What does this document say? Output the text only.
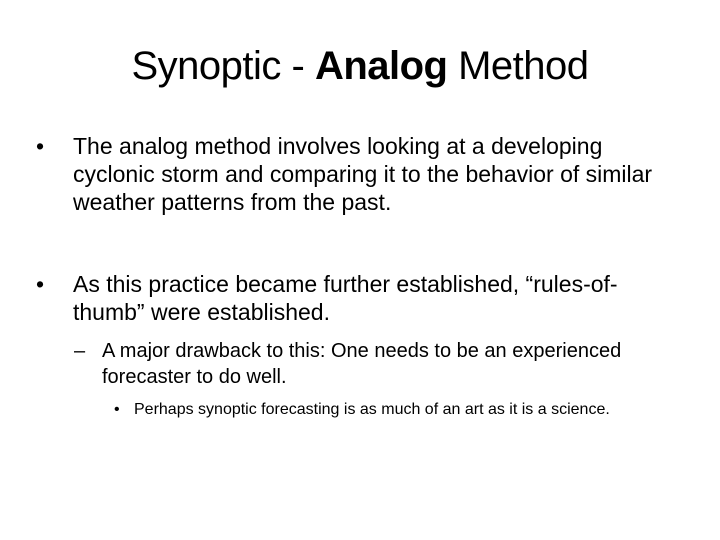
Synoptic - Analog Method
• The analog method involves looking at a developing cyclonic storm and comparing it to the behavior of similar weather patterns from the past.
• As this practice became further established, “rules-of-thumb” were established.
– A major drawback to this: One needs to be an experienced forecaster to do well.
• Perhaps synoptic forecasting is as much of an art as it is a science.
